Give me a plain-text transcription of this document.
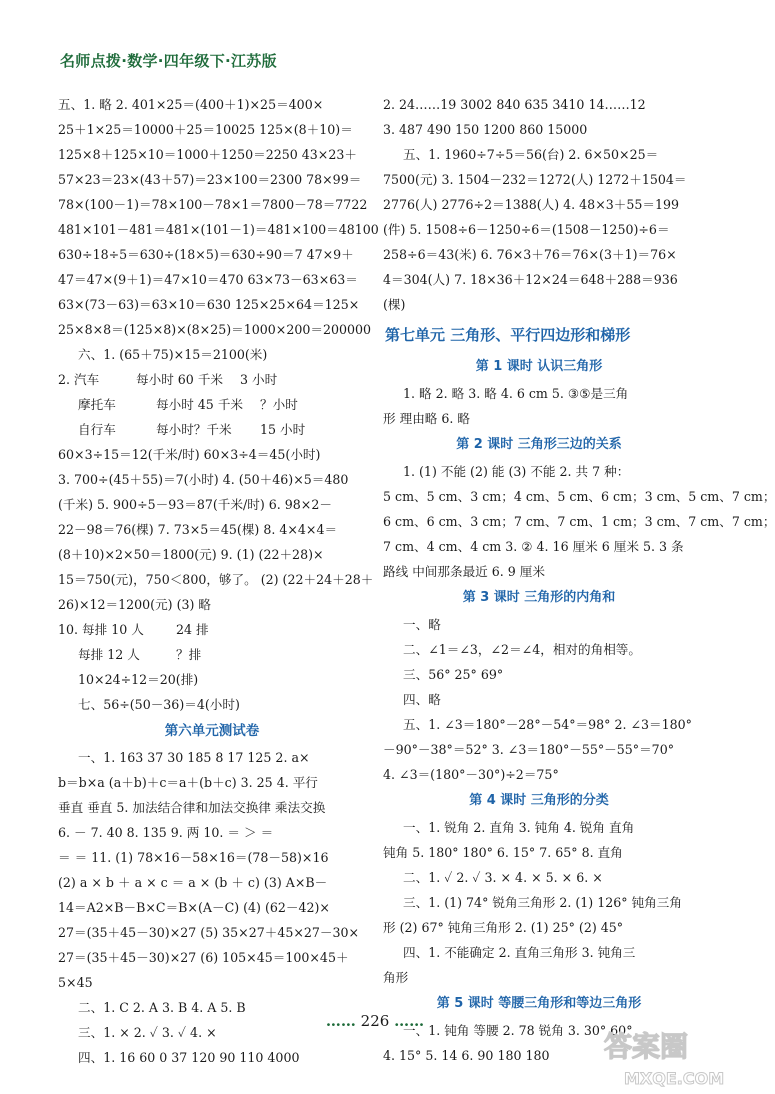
名师点拨·数学·四年级下·江苏版
五、1. 略 2. 401×25＝(400＋1)×25＝400×
25＋1×25＝10000＋25＝10025 125×(8＋10)＝
125×8＋125×10＝1000＋1250＝2250 43×23＋
57×23＝23×(43＋57)＝23×100＝2300 78×99＝
78×(100－1)＝78×100－78×1＝7800－78＝7722
481×101－481＝481×(101－1)＝481×100＝48100
630÷18÷5＝630÷(18×5)＝630÷90＝7 47×9＋
47＝47×(9＋1)＝47×10＝470 63×73－63×63＝
63×(73－63)＝63×10＝630 125×25×64＝125×
25×8×8＝(125×8)×(8×25)＝1000×200＝200000
六、1. (65＋75)×15＝2100(米)
2. 汽车	每小时 60 千米	3 小时
摩托车	每小时 45 千米	？小时
自行车	每小时？千米	15 小时
60×3÷15＝12(千米/时) 60×3÷4＝45(小时)
3. 700÷(45＋55)＝7(小时) 4. (50＋46)×5＝480
(千米) 5. 900÷5－93＝87(千米/时) 6. 98×2－
22－98＝76(棵) 7. 73×5＝45(棵) 8. 4×4×4＝
(8＋10)×2×50＝1800(元) 9. (1) (22＋28)×
15＝750(元)，750＜800，够了。 (2) (22＋24＋28＋
26)×12＝1200(元) (3) 略
10. 每排 10 人	24 排
每排 12 人	？排
10×24÷12＝20(排)
七、56÷(50－36)＝4(小时)
第六单元测试卷
一、1. 163 37 30 185 8 17 125 2. a×
b＝b×a (a＋b)＋c＝a＋(b＋c) 3. 25 4. 平行
垂直 垂直 5. 加法结合律和加法交换律 乘法交换
6. － 7. 40 8. 135 9. 两 10. ＝ ＞ ＝
＝ ＝ 11. (1) 78×16－58×16＝(78－58)×16
(2) a × b ＋ a × c ＝ a × (b ＋ c) (3) A×B－
14＝A2×B－B×C＝B×(A－C) (4) (62－42)×
27＝(35＋45－30)×27 (5) 35×27＋45×27－30×
27＝(35＋45－30)×27 (6) 105×45＝100×45＋
5×45
二、1. C 2. A 3. B 4. A 5. B
三、1. × 2. ✓ 3. ✓ 4. ×
四、1. 16 60 0 37 120 90 110 4000
2. 24……19 3002 840 635 3410 14……12
3. 487 490 150 1200 860 15000
五、1. 1960÷7÷5＝56(台) 2. 6×50×25＝
7500(元) 3. 1504－232＝1272(人) 1272＋1504＝
2776(人) 2776÷2＝1388(人) 4. 48×3＋55＝199
(件) 5. 1508÷6－1250÷6＝(1508－1250)÷6＝
258÷6＝43(米) 6. 76×3＋76＝76×(3＋1)＝76×
4＝304(人) 7. 18×36＋12×24＝648＋288＝936
(棵)
第七单元 三角形、平行四边形和梯形
第 1 课时 认识三角形
1. 略 2. 略 3. 略 4. 6 cm 5. ③⑤是三角
形 理由略 6. 略
第 2 课时 三角形三边的关系
1. (1) 不能 (2) 能 (3) 不能 2. 共 7 种：
5 cm、5 cm、3 cm；4 cm、5 cm、6 cm；3 cm、5 cm、7 cm；
6 cm、6 cm、3 cm；7 cm、7 cm、1 cm；3 cm、7 cm、7 cm；
7 cm、4 cm、4 cm 3. ② 4. 16 厘米 6 厘米 5. 3 条
路线 中间那条最近 6. 9 厘米
第 3 课时 三角形的内角和
一、略
二、∠1＝∠3，∠2＝∠4，相对的角相等。
三、56° 25° 69°
四、略
五、1. ∠3＝180°－28°－54°＝98° 2. ∠3＝180°
－90°－38°＝52° 3. ∠3＝180°－55°－55°＝70°
4. ∠3＝(180°－30°)÷2＝75°
第 4 课时 三角形的分类
一、1. 锐角 2. 直角 3. 钝角 4. 锐角 直角
钝角 5. 180° 180° 6. 15° 7. 65° 8. 直角
二、1. ✓ 2. ✓ 3. × 4. × 5. × 6. ×
三、1. (1) 74° 锐角三角形 2. (1) 126° 钝角三角
形 (2) 67° 钝角三角形 2. (1) 25° (2) 45°
四、1. 不能确定 2. 直角三角形 3. 钝角三
角形
第 5 课时 等腰三角形和等边三角形
一、1. 钝角 等腰 2. 78 锐角 3. 30° 60°
4. 15° 5. 14 6. 90 180 180
…… 226 ……
答案圈
MXQE.COM
